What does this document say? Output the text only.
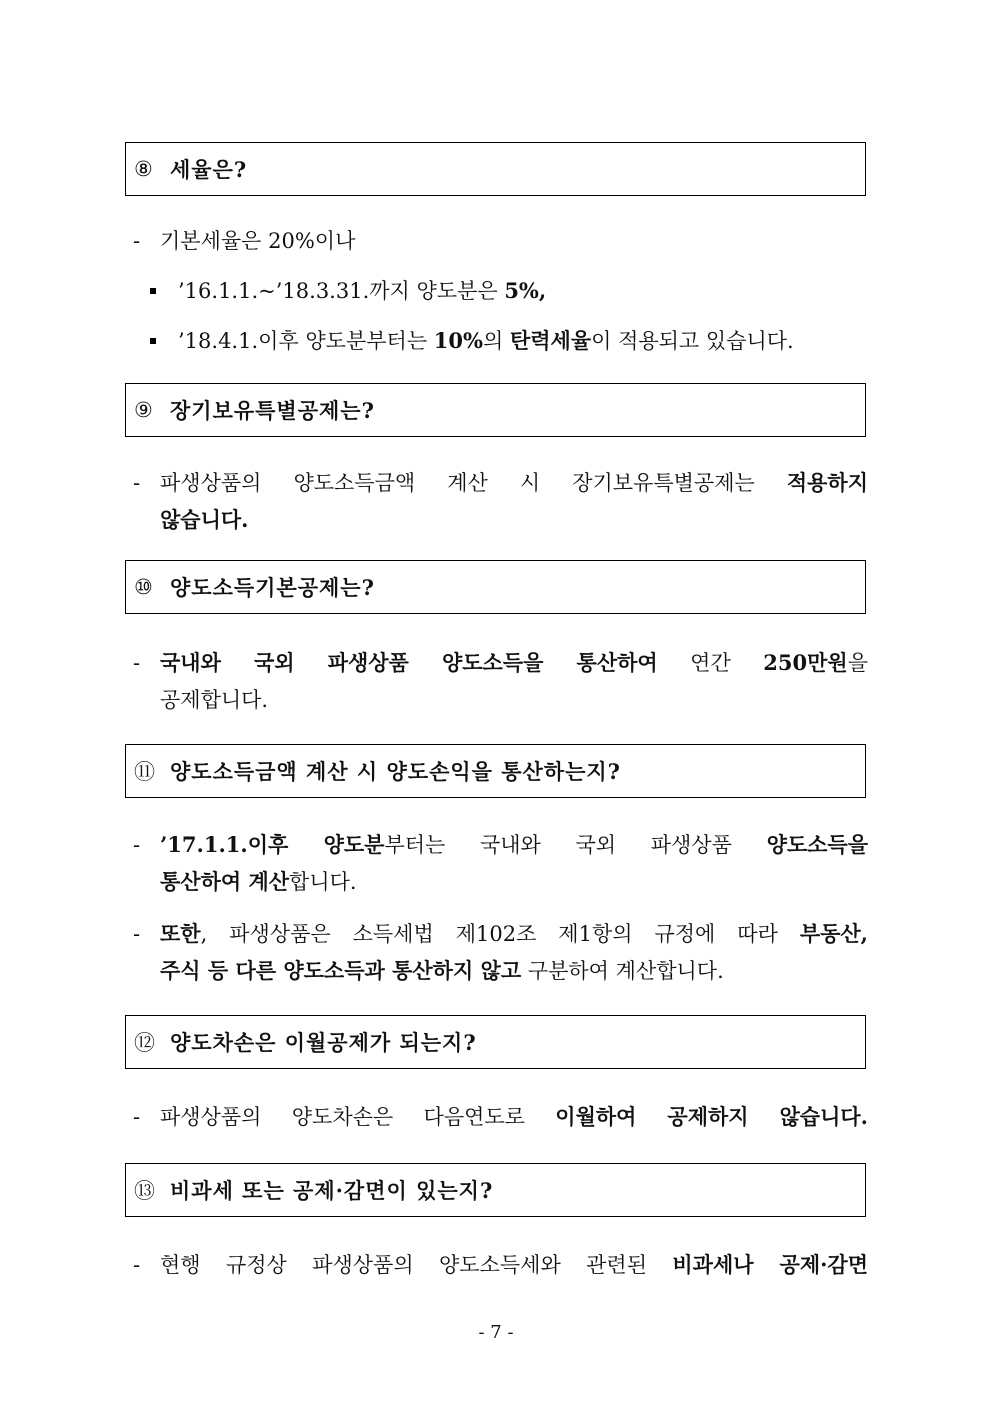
⑧ 세율은?
- 기본세율은 20%이나
’16.1.1.~’18.3.31.까지 양도분은 5%,
’18.4.1.이후 양도분부터는 10%의 탄력세율이 적용되고 있습니다.
⑨ 장기보유특별공제는?
- 파생상품의 양도소득금액 계산 시 장기보유특별공제는 적용하지
않습니다.
⑩ 양도소득기본공제는?
- 국내와 국외 파생상품 양도소득을 통산하여 연간 250만원을
공제합니다.
⑪ 양도소득금액 계산 시 양도손익을 통산하는지?
- ’17.1.1.이후 양도분부터는 국내와 국외 파생상품 양도소득을
통산하여 계산합니다.
- 또한, 파생상품은 소득세법 제102조 제1항의 규정에 따라 부동산,
주식 등 다른 양도소득과 통산하지 않고 구분하여 계산합니다.
⑫ 양도차손은 이월공제가 되는지?
- 파생상품의 양도차손은 다음연도로 이월하여 공제하지 않습니다.
⑬ 비과세 또는 공제·감면이 있는지?
- 현행 규정상 파생상품의 양도소득세와 관련된 비과세나 공제·감면
- 7 -
